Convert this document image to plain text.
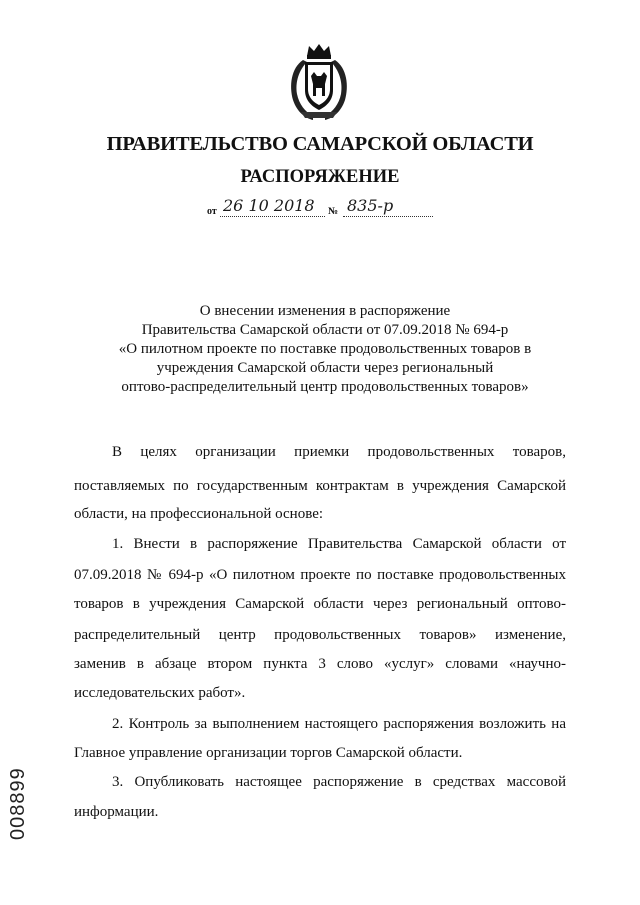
ПРАВИТЕЛЬСТВО САМАРСКОЙ ОБЛАСТИ
РАСПОРЯЖЕНИЕ
от 26 10 2018 № 835-р
О внесении изменения в распоряжение
Правительства Самарской области от 07.09.2018 № 694-р
«О пилотном проекте по поставке продовольственных товаров в
учреждения Самарской области через региональный
оптово-распределительный центр продовольственных товаров»
В целях организации приемки продовольственных товаров,
поставляемых по государственным контрактам в учреждения Самарской
области, на профессиональной основе:
1. Внести в распоряжение Правительства Самарской области от
07.09.2018 № 694-р «О пилотном проекте по поставке продовольственных
товаров в учреждения Самарской области через региональный оптово-
распределительный центр продовольственных товаров» изменение,
заменив в абзаце втором пункта 3 слово «услуг» словами «научно-
исследовательских работ».
2. Контроль за выполнением настоящего распоряжения возложить на
Главное управление организации торгов Самарской области.
3. Опубликовать настоящее распоряжение в средствах массовой
информации.
008899
